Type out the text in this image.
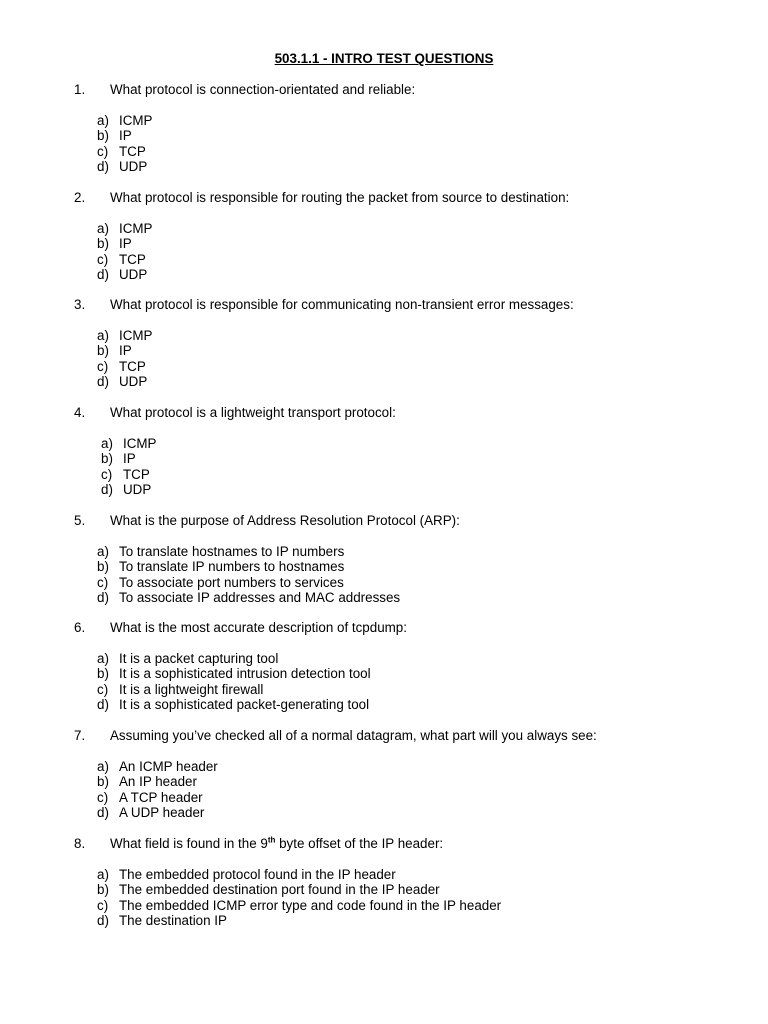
503.1.1 - INTRO TEST QUESTIONS
1. What protocol is connection-orientated and reliable:
a) ICMP
b) IP
c) TCP
d) UDP
2. What protocol is responsible for routing the packet from source to destination:
a) ICMP
b) IP
c) TCP
d) UDP
3. What protocol is responsible for communicating non-transient error messages:
a) ICMP
b) IP
c) TCP
d) UDP
4. What protocol is a lightweight transport protocol:
a) ICMP
b) IP
c) TCP
d) UDP
5. What is the purpose of Address Resolution Protocol (ARP):
a) To translate hostnames to IP numbers
b) To translate IP numbers to hostnames
c) To associate port numbers to services
d) To associate IP addresses and MAC addresses
6. What is the most accurate description of tcpdump:
a) It is a packet capturing tool
b) It is a sophisticated intrusion detection tool
c) It is a lightweight firewall
d) It is a sophisticated packet-generating tool
7. Assuming you’ve checked all of a normal datagram, what part will you always see:
a) An ICMP header
b) An IP header
c) A TCP header
d) A UDP header
8. What field is found in the 9th byte offset of the IP header:
a) The embedded protocol found in the IP header
b) The embedded destination port found in the IP header
c) The embedded ICMP error type and code found in the IP header
d) The destination IP
